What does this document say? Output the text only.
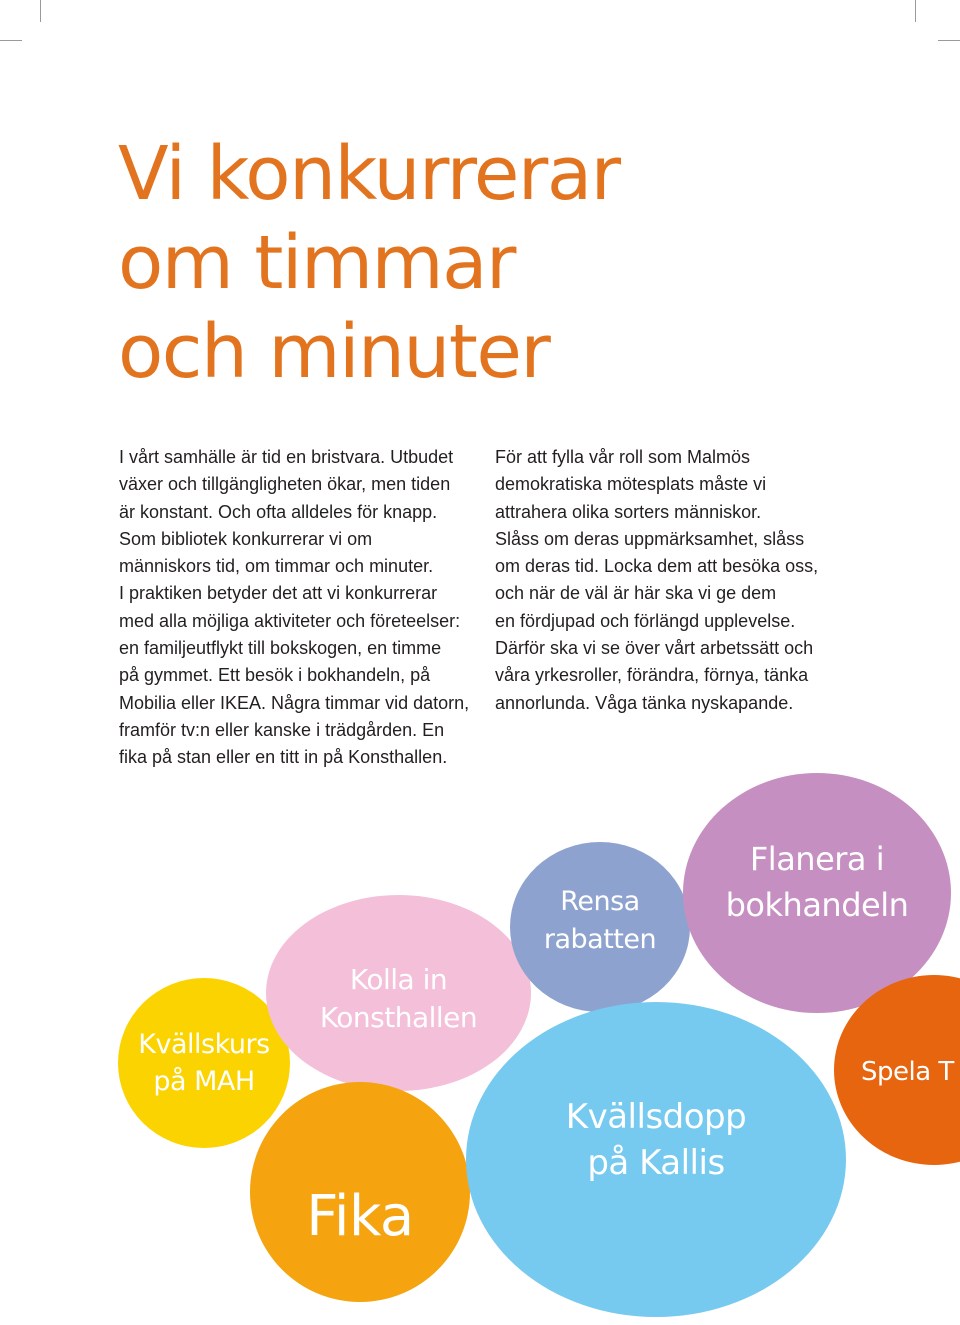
Vi konkurrerar
om timmar
och minuter
I vårt samhälle är tid en bristvara. Utbudet
växer och tillgängligheten ökar, men tiden
är konstant. Och ofta alldeles för knapp.
Som bibliotek konkurrerar vi om
människors tid, om timmar och minuter.
I praktiken betyder det att vi konkurrerar
med alla möjliga aktiviteter och företeelser:
en familjeutflykt till bokskogen, en timme
på gymmet. Ett besök i bokhandeln, på
Mobilia eller IKEA. Några timmar vid datorn,
framför tv:n eller kanske i trädgården. En
fika på stan eller en titt in på Konsthallen.
För att fylla vår roll som Malmös
demokratiska mötesplats måste vi
attrahera olika sorters människor.
Slåss om deras uppmärksamhet, slåss
om deras tid. Locka dem att besöka oss,
och när de väl är här ska vi ge dem
en fördjupad och förlängd upplevelse.
Därför ska vi se över vårt arbetssätt och
våra yrkesroller, förändra, förnya, tänka
annorlunda. Våga tänka nyskapande.
Kvällskurs
på MAH
Kolla in
Konsthallen
Rensa
rabatten
Flanera i
bokhandeln
Fika
Kvällsdopp
på Kallis
Spela T
